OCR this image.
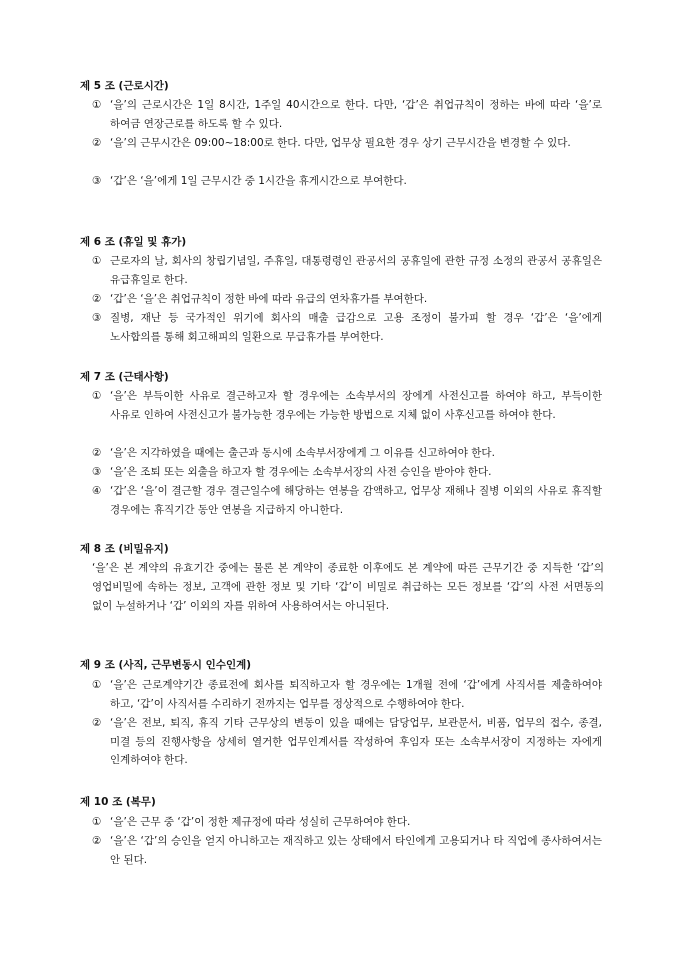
제 5 조 (근로시간)
① ‘을’의 근로시간은 1일 8시간, 1주일 40시간으로 한다. 다만, ‘갑’은 취업규칙이 정하는 바에 따라 ‘을’로 하여금 연장근로를 하도록 할 수 있다.
② ‘을’의 근무시간은 09:00~18:00로 한다. 다만, 업무상 필요한 경우 상기 근무시간을 변경할 수 있다.
③ ‘갑’은 ‘을’에게 1일 근무시간 중 1시간을 휴게시간으로 부여한다.
제 6 조 (휴일 및 휴가)
① 근로자의 날, 회사의 창립기념일, 주휴일, 대통령령인 관공서의 공휴일에 관한 규정 소정의 관공서 공휴일은 유급휴일로 한다.
② ‘갑’은 ‘을’은 취업규칙이 정한 바에 따라 유급의 연차휴가를 부여한다.
③ 질병, 재난 등 국가적인 위기에 회사의 매출 급감으로 고용 조정이 불가피 할 경우 ‘갑’은 ‘을’에게 노사합의를 통해 회고해피의 일환으로 무급휴가를 부여한다.
제 7 조 (근태사항)
① ‘을’은 부득이한 사유로 결근하고자 할 경우에는 소속부서의 장에게 사전신고를 하여야 하고, 부득이한 사유로 인하여 사전신고가 불가능한 경우에는 가능한 방법으로 지체 없이 사후신고를 하여야 한다.
② ‘을’은 지각하였을 때에는 출근과 동시에 소속부서장에게 그 이유를 신고하여야 한다.
③ ‘을’은 조퇴 또는 외출을 하고자 할 경우에는 소속부서장의 사전 승인을 받아야 한다.
④ ‘갑’은 ‘을’이 결근할 경우 결근일수에 해당하는 연봉을 감액하고, 업무상 재해나 질병 이외의 사유로 휴직할 경우에는 휴직기간 동안 연봉을 지급하지 아니한다.
제 8 조 (비밀유지)
‘을’은 본 계약의 유효기간 중에는 물론 본 계약이 종료한 이후에도 본 계약에 따른 근무기간 중 지득한 ‘갑’의 영업비밀에 속하는 정보, 고객에 관한 정보 및 기타 ‘갑’이 비밀로 취급하는 모든 정보를 ‘갑’의 사전 서면동의 없이 누설하거나 ‘갑’ 이외의 자를 위하여 사용하여서는 아니된다.
제 9 조 (사직, 근무변동시 인수인계)
① ‘을’은 근로계약기간 종료전에 회사를 퇴직하고자 할 경우에는 1개월 전에 ‘갑’에게 사직서를 제출하여야 하고, ‘갑’이 사직서를 수리하기 전까지는 업무를 정상적으로 수행하여야 한다.
② ‘을’은 전보, 퇴직, 휴직 기타 근무상의 변동이 있을 때에는 담당업무, 보관문서, 비품, 업무의 접수, 종결, 미결 등의 진행사항을 상세히 열거한 업무인계서를 작성하여 후임자 또는 소속부서장이 지정하는 자에게 인계하여야 한다.
제 10 조 (복무)
① ‘을’은 근무 중 ‘갑’이 정한 제규정에 따라 성실히 근무하여야 한다.
② ‘을’은 ‘갑’의 승인을 얻지 아니하고는 재직하고 있는 상태에서 타인에게 고용되거나 타 직업에 종사하여서는 안 된다.
